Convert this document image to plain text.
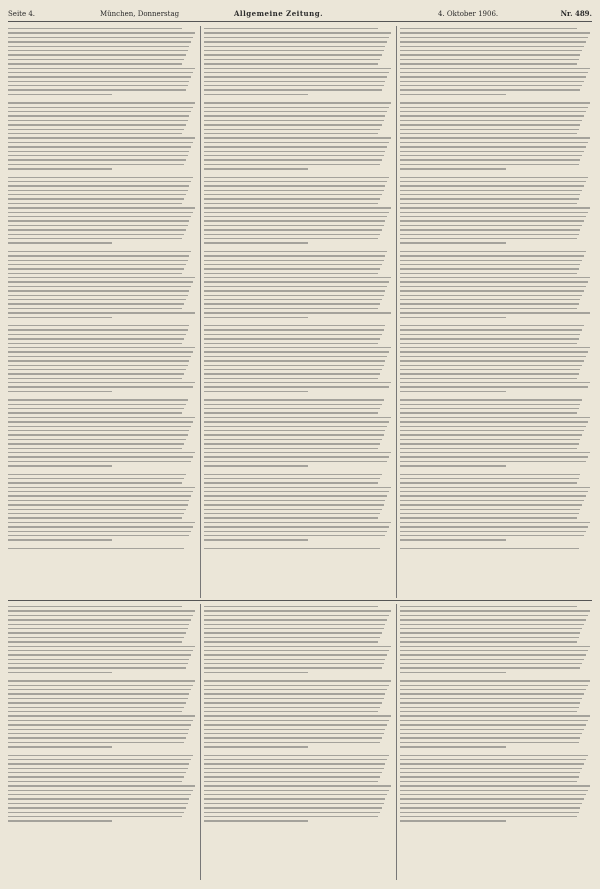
Seite 4.	München, Donnerstag	Allgemeine Zeitung.	4. Oktober 1906.	Nr. 489.
